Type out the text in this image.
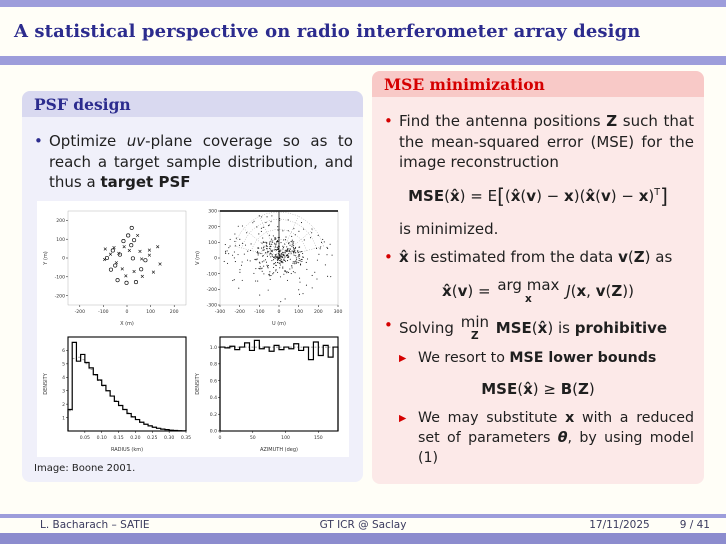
A statistical perspective on radio interferometer array design
PSF design
• Optimize uv-plane coverage so as to reach a target sample distribution, and thus a target PSF
-200	-100	0	100	200
-200
-100
0
100
200
X (m)
Y (m)
-300 -200 -100	0	100 200 300
-300
-200
-100
0
100
200
300
U (m)
V (m)
0.05 0.10 0.15 0.20 0.25 0.30 0.35
1
2
3
4
5
6
RADIUS (km)
DENSITY
0	50	100	150
0.0
0.2
0.4
0.6
0.8
1.0
AZIMUTH (deg)
DENSITY
Image: Boone 2001.
MSE minimization
• Find the antenna positions Z such that the mean-squared error (MSE) for the image reconstruction
MSE(x̂) = E[(x̂(v) − x)(x̂(v) − x)$^T$]
is minimized.
• x̂ is estimated from the data v(Z) as
x̂(v) = arg max
x J(x, v(Z))
• Solving min
Z MSE(x̂) is prohibitive
▶ We resort to MSE lower bounds
MSE(x̂) ≥ B(Z)
▶ We may substitute x with a reduced set of parameters θ, by using model (1)
L. Bacharach – SATIE	GT ICR @ Saclay	17/11/2025	9 / 41
